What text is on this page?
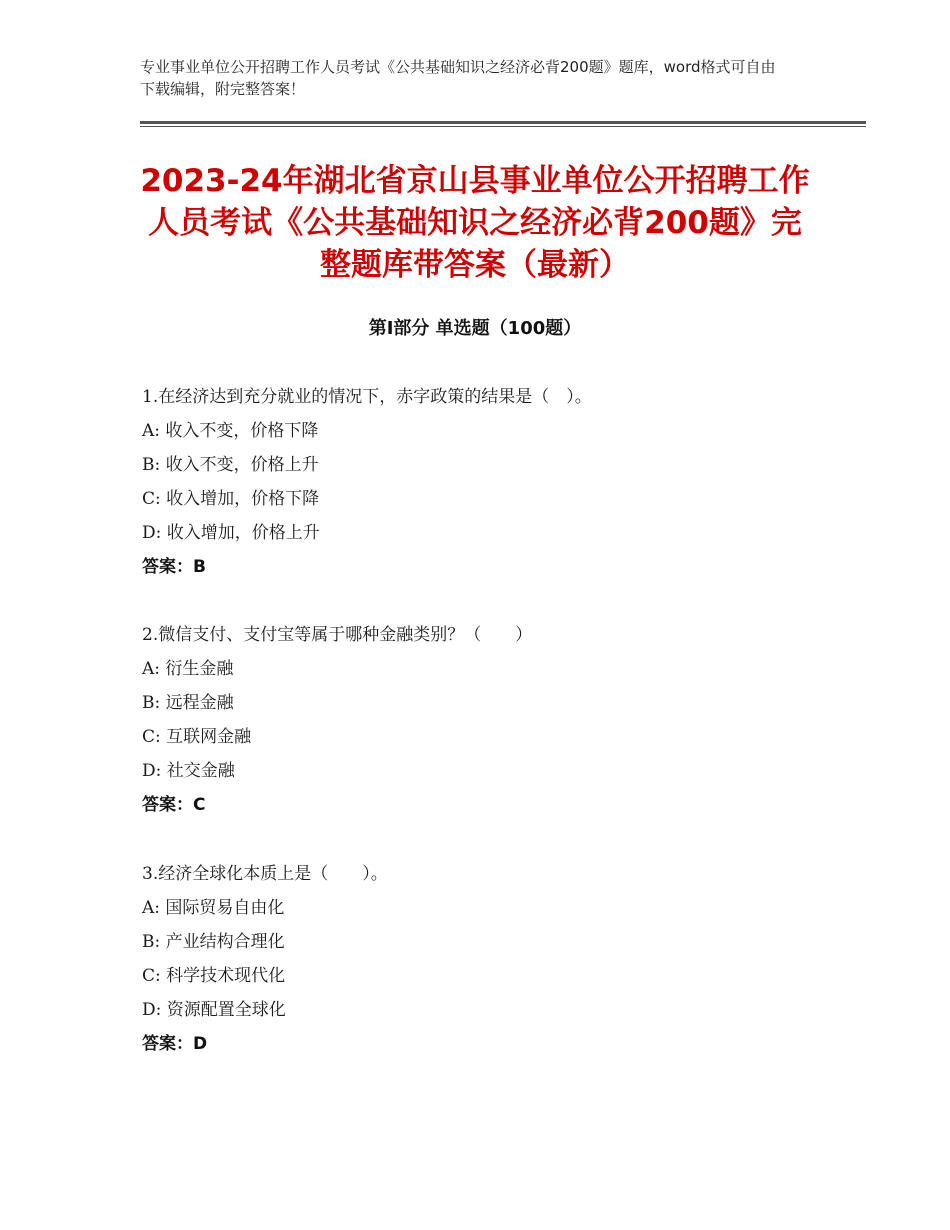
专业事业单位公开招聘工作人员考试《公共基础知识之经济必背200题》题库，word格式可自由下载编辑，附完整答案！
2023-24年湖北省京山县事业单位公开招聘工作人员考试《公共基础知识之经济必背200题》完整题库带答案（最新）
第I部分 单选题（100题）
1.在经济达到充分就业的情况下，赤字政策的结果是（　）。
A: 收入不变，价格下降
B: 收入不变，价格上升
C: 收入增加，价格下降
D: 收入增加，价格上升
答案：B
2.微信支付、支付宝等属于哪种金融类别？（　　）
A: 衍生金融
B: 远程金融
C: 互联网金融
D: 社交金融
答案：C
3.经济全球化本质上是（　　）。
A: 国际贸易自由化
B: 产业结构合理化
C: 科学技术现代化
D: 资源配置全球化
答案：D
